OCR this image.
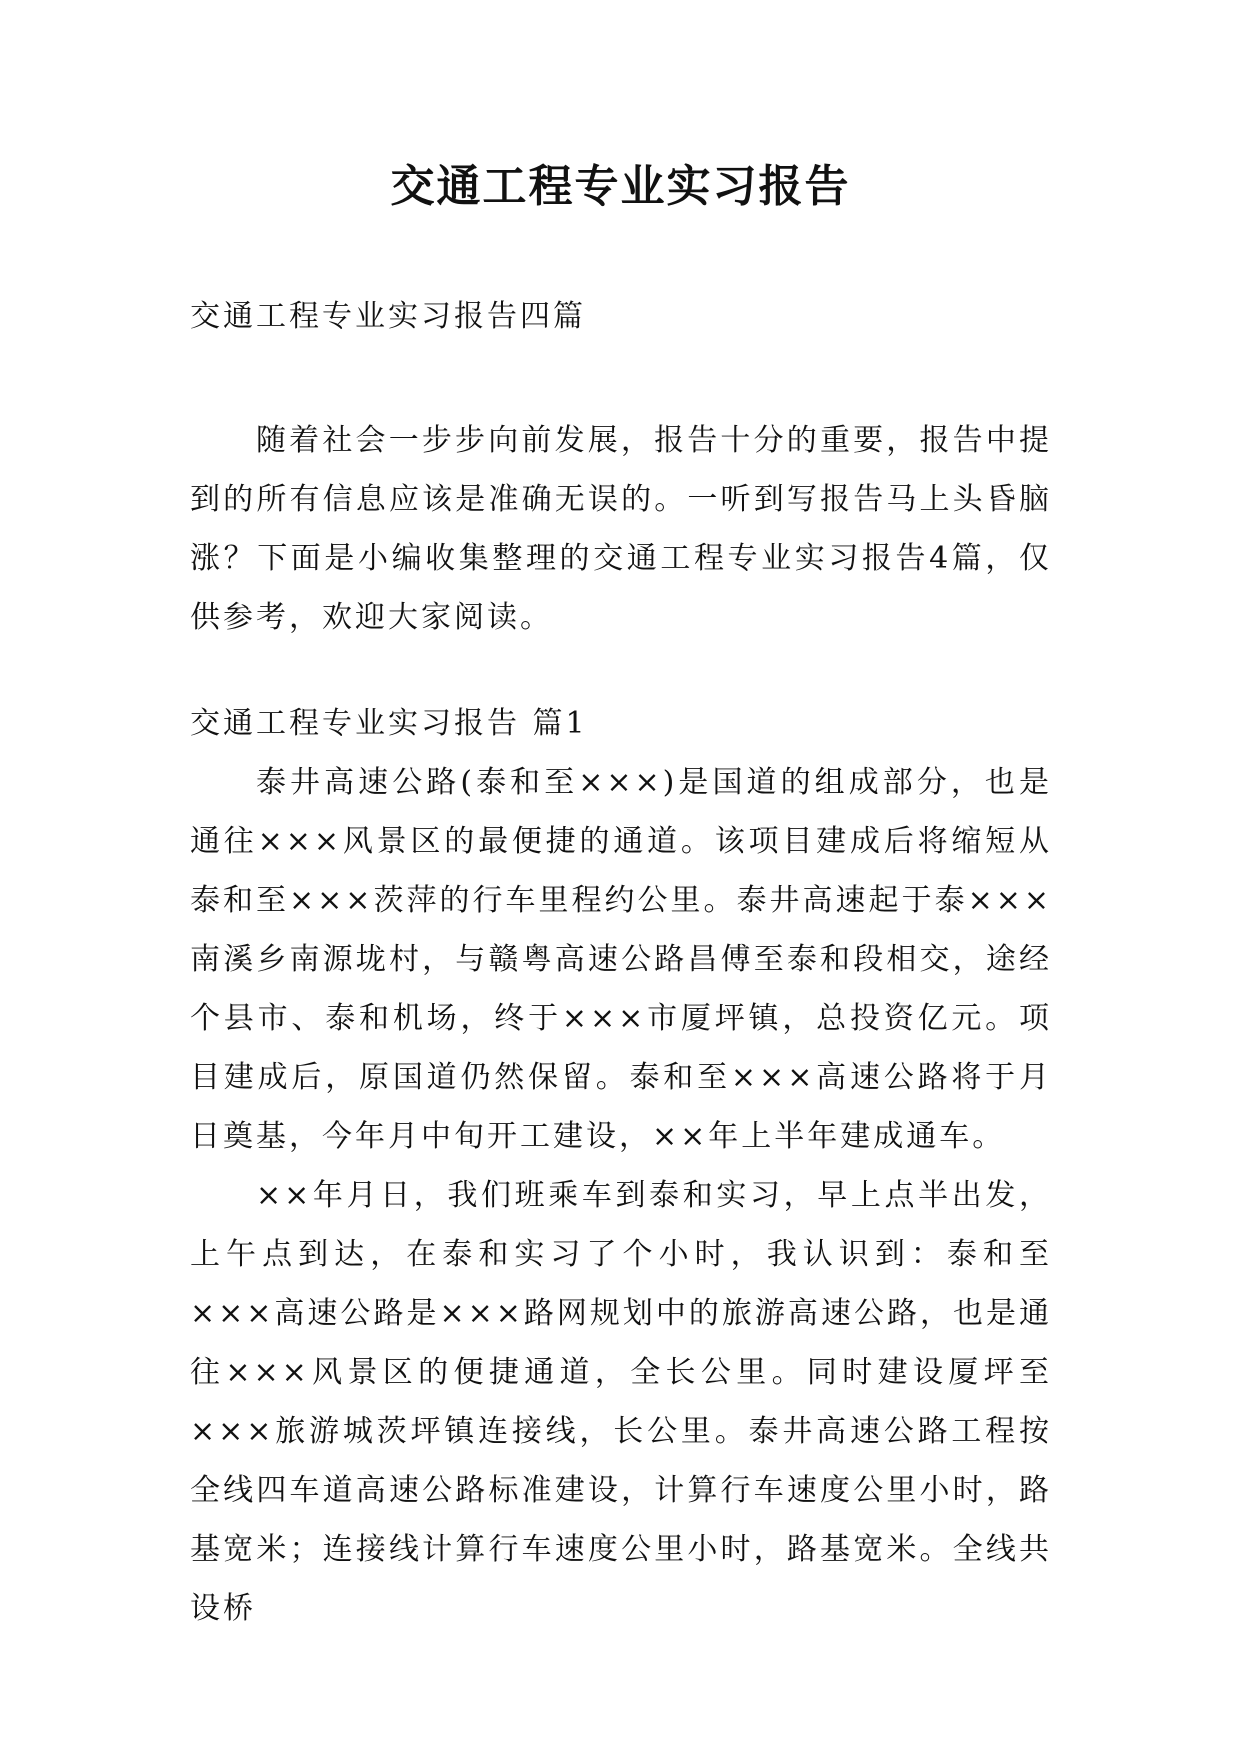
交通工程专业实习报告

交通工程专业实习报告四篇

随着社会一步步向前发展，报告十分的重要，报告中提到的所有信息应该是准确无误的。一听到写报告马上头昏脑涨？下面是小编收集整理的交通工程专业实习报告4篇，仅供参考，欢迎大家阅读。

交通工程专业实习报告 篇1

泰井高速公路(泰和至×××)是国道的组成部分，也是通往×××风景区的最便捷的通道。该项目建成后将缩短从泰和至×××茨萍的行车里程约公里。泰井高速起于泰×××南溪乡南源垅村，与赣粤高速公路昌傅至泰和段相交，途经个县市、泰和机场，终于×××市厦坪镇，总投资亿元。项目建成后，原国道仍然保留。泰和至×××高速公路将于月日奠基，今年月中旬开工建设，××年上半年建成通车。

××年月日，我们班乘车到泰和实习，早上点半出发，上午点到达，在泰和实习了个小时，我认识到：泰和至×××高速公路是×××路网规划中的旅游高速公路，也是通往×××风景区的便捷通道，全长公里。同时建设厦坪至×××旅游城茨坪镇连接线，长公里。泰井高速公路工程按全线四车道高速公路标准建设，计算行车速度公里小时，路基宽米；连接线计算行车速度公里小时，路基宽米。全线共设桥
